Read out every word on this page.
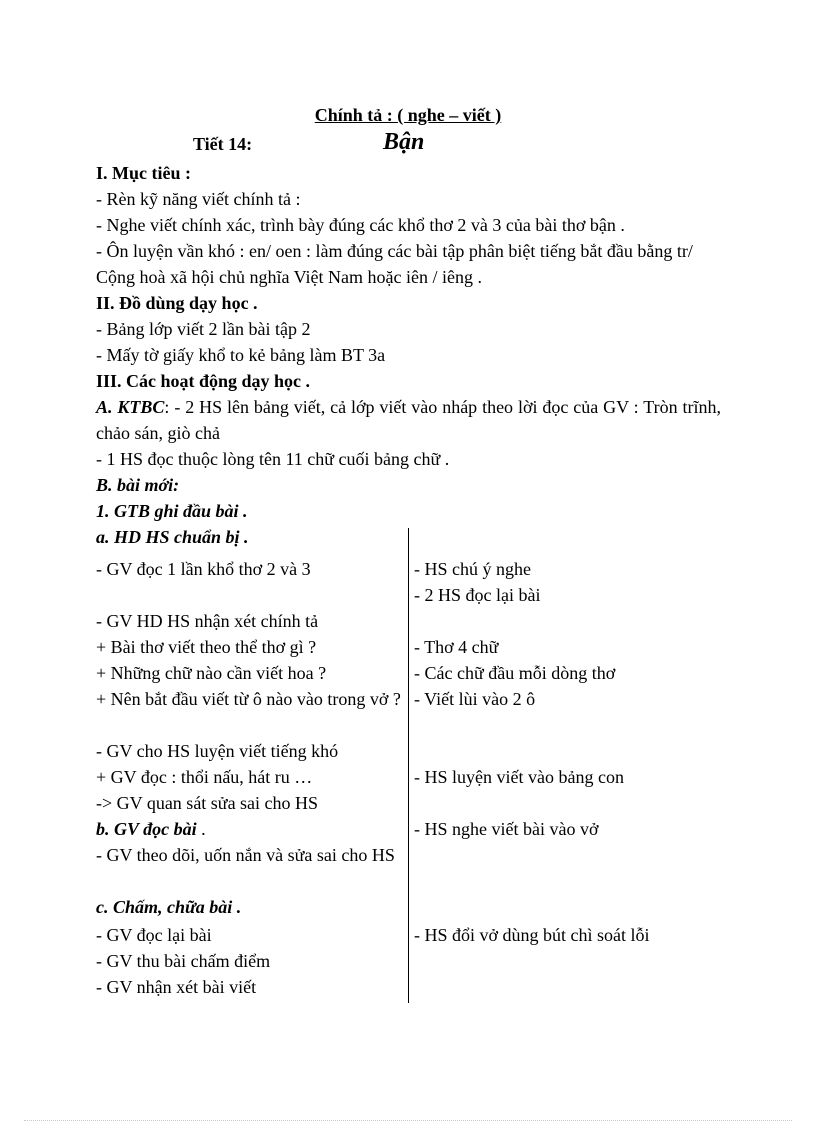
Chính tả : ( nghe – viết )
Tiết 14:	Bận
I. Mục tiêu :
- Rèn kỹ năng viết chính tả :
- Nghe viết chính xác, trình bày đúng các khổ thơ 2 và 3 của bài thơ bận .
- Ôn luyện vần khó : en/ oen : làm đúng các bài tập phân biệt tiếng bắt đầu bằng tr/
Cộng hoà xã hội chủ nghĩa Việt Nam hoặc iên / iêng .
II. Đồ dùng dạy học .
- Bảng lớp viết 2 lần bài tập 2
- Mấy tờ giấy khổ to kẻ bảng làm BT 3a
III. Các hoạt động dạy học .
A. KTBC: - 2 HS lên bảng viết, cả lớp viết vào nháp theo lời đọc của GV : Tròn trĩnh, chảo sán, giò chả
- 1 HS đọc thuộc lòng tên 11 chữ cuối bảng chữ .
B. bài mới:
1. GTB ghi đầu bài .
a. HD HS chuẩn bị .
- GV đọc 1 lần khổ thơ 2 và 3	- HS chú ý nghe
- 2 HS đọc lại bài
- GV HD HS nhận xét chính tả
+ Bài thơ viết theo thể thơ gì ?	- Thơ 4 chữ
+ Những chữ nào cần viết hoa ?	- Các chữ đầu mỗi dòng thơ
+ Nên bắt đầu viết từ ô nào vào trong vở ? - Viết lùi vào 2 ô
- GV cho HS luyện viết tiếng khó
+ GV đọc : thổi nấu, hát ru …	- HS luyện viết vào bảng con
-> GV quan sát sửa sai cho HS
b. GV đọc bài .	- HS nghe viết bài vào vở
- GV theo dõi, uốn nắn và sửa sai cho HS
c. Chấm, chữa bài .
- GV đọc lại bài	- HS đổi vở dùng bút chì soát lỗi
- GV thu bài chấm điểm
- GV nhận xét bài viết
